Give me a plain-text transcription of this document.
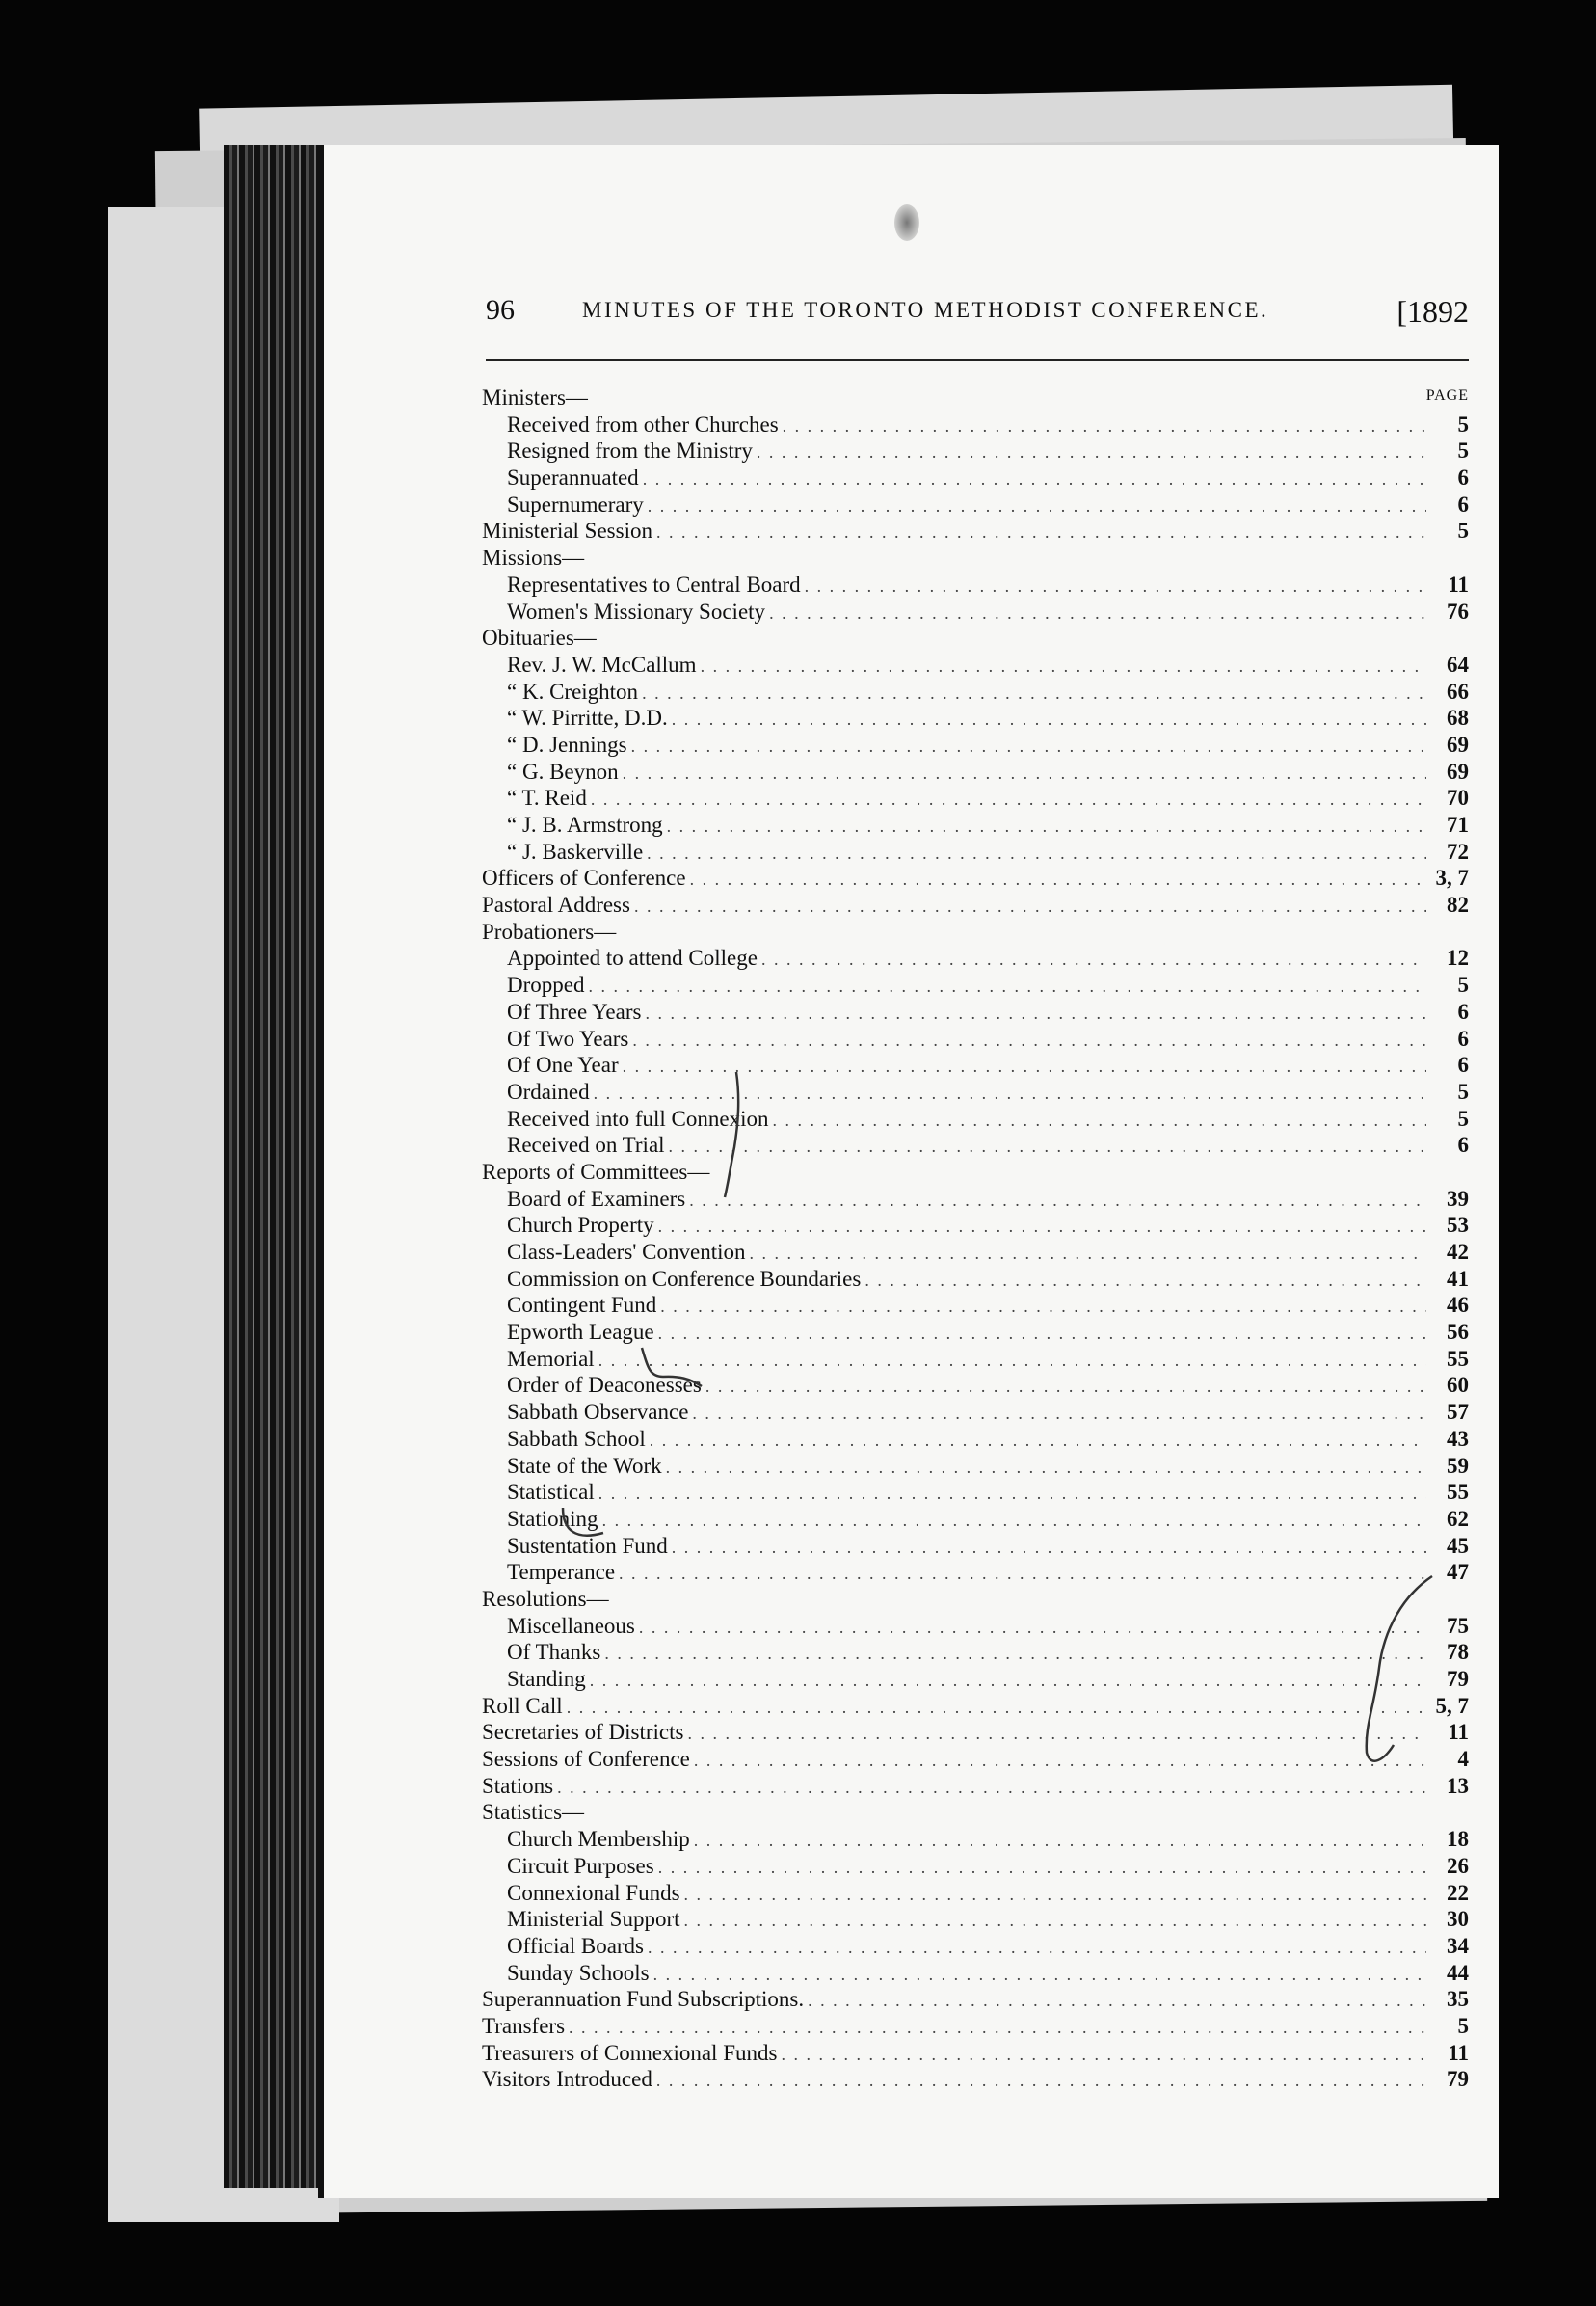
96	MINUTES OF THE TORONTO METHODIST CONFERENCE.	[1892
PAGE
Ministers—
Received from other Churches . . .	5
Resigned from the Ministry . . .	5
Superannuated . . .	6
Supernumerary . . .	6
Ministerial Session . . .	5
Missions—
Representatives to Central Board . . .	11
Women's Missionary Society . . .	76
Obituaries—
Rev. J. W. McCallum . . .	64
“ K. Creighton . . .	66
“ W. Pirritte, D.D. . . .	68
“ D. Jennings . . .	69
“ G. Beynon . . .	69
“ T. Reid . . .	70
“ J. B. Armstrong . . .	71
“ J. Baskerville . . .	72
Officers of Conference . . .	3, 7
Pastoral Address . . .	82
Probationers—
Appointed to attend College . . .	12
Dropped . . .	5
Of Three Years . . .	6
Of Two Years . . .	6
Of One Year . . .	6
Ordained . . .	5
Received into full Connexion . . .	5
Received on Trial . . .	6
Reports of Committees—
Board of Examiners . . .	39
Church Property . . .	53
Class-Leaders' Convention . . .	42
Commission on Conference Boundaries . . .	41
Contingent Fund . . .	46
Epworth League . . .	56
Memorial . . .	55
Order of Deaconesses . . .	60
Sabbath Observance . . .	57
Sabbath School . . .	43
State of the Work . . .	59
Statistical . . .	55
Stationing . . .	62
Sustentation Fund . . .	45
Temperance . . .	47
Resolutions—
Miscellaneous . . .	75
Of Thanks . . .	78
Standing . . .	79
Roll Call . . .	5, 7
Secretaries of Districts . . .	11
Sessions of Conference . . .	4
Stations . . .	13
Statistics—
Church Membership . . .	18
Circuit Purposes . . .	26
Connexional Funds . . .	22
Ministerial Support . . .	30
Official Boards . . .	34
Sunday Schools . . .	44
Superannuation Fund Subscriptions. . . .	35
Transfers . . .	5
Treasurers of Connexional Funds . . .	11
Visitors Introduced . . .	79
